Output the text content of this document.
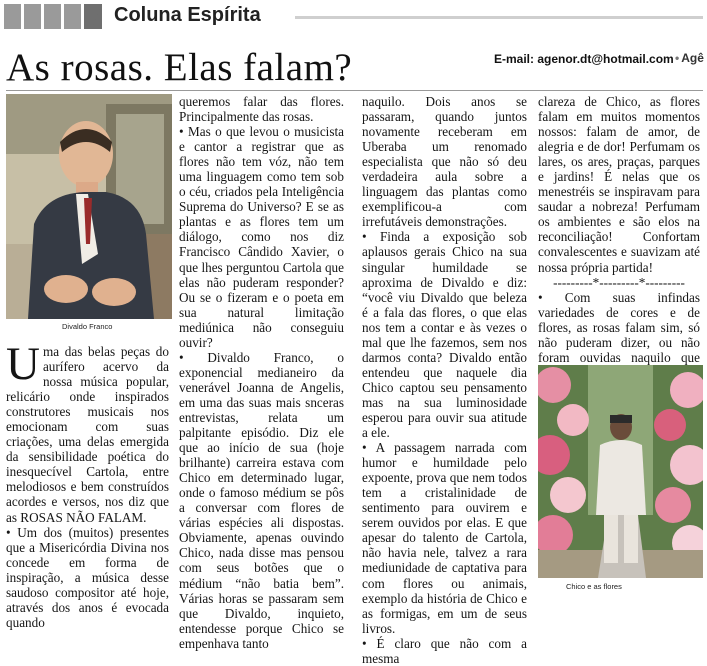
Coluna Espírita
As rosas. Elas falam?	E-mail: agenor.dt@hotmail.com • Agê
Divaldo Franco

Uma das belas peças do aurífero acervo da nossa música popular, relicário onde inspirados construtores musicais nos emocionam com suas criações, uma delas emergida da sensibilidade poética do inesquecível Cartola, entre melodiosos e bem construídos acordes e versos, nos diz que as ROSAS NÃO FALAM.

• Um dos (muitos) presentes que a Misericórdia Divina nos concede em forma de inspiração, a música desse saudoso compositor até hoje, através dos anos é evocada quando

queremos falar das flores. Principalmente das rosas.

• Mas o que levou o musicista e cantor a registrar que as flores não tem vóz, não tem uma linguagem como tem sob o céu, criados pela Inteligência Suprema do Universo? E se as plantas e as flores tem um diálogo, como nos diz Francisco Cândido Xavier, o que lhes perguntou Cartola que elas não puderam responder? Ou se o fizeram e o poeta em sua natural limitação mediúnica não conseguiu ouvir?

• Divaldo Franco, o exponencial medianeiro da venerável Joanna de Angelis, em uma das suas mais snceras entrevistas, relata um palpitante episódio. Diz ele que ao início de sua (hoje brilhante) carreira estava com Chico em determinado lugar, onde o famoso médium se pôs a conversar com flores de várias espécies ali dispostas. Obviamente, apenas ouvindo Chico, nada disse mas pensou com seus botões que o médium “não batia bem”. Várias horas se passaram sem que Divaldo, inquieto, entendesse porque Chico se empenhava tanto

naquilo. Dois anos se passaram, quando juntos novamente receberam em Uberaba um renomado especialista que não só deu verdadeira aula sobre a linguagem das plantas como exemplificou-a com irrefutáveis demonstrações.

• Finda a exposição sob aplausos gerais Chico na sua singular humildade se aproxima de Divaldo e diz: “você viu Divaldo que beleza é a fala das flores, o que elas nos tem a contar e às vezes o mal que lhe fazemos, sem nos darmos conta? Divaldo então entendeu que naquele dia Chico captou seu pensamento mas na sua luminosidade esperou para ouvir sua atitude a ele.

• A passagem narrada com humor e humildade pelo expoente, prova que nem todos tem a cristalinidade de sentimento para ouvirem e serem ouvidos por elas. E que apesar do talento de Cartola, não havia nele, talvez a rara mediunidade de captativa para com flores ou animais, exemplo da história de Chico e as formigas, em um de seus livros.

• É claro que não com a mesma

clareza de Chico, as flores falam em muitos momentos nossos: falam de amor, de alegria e de dor! Perfumam os lares, os ares, praças, parques e jardins! É nelas que os menestréis se inspiravam para saudar a nobreza! Perfumam os ambientes e são elos na reconciliação! Confortam convalescentes e suavizam até nossa própria partida!

---------*---------*---------

• Com suas infindas variedades de cores e de flores, as rosas falam sim, só não puderam dizer, ou não foram ouvidas naquilo que

Chico e as flores
